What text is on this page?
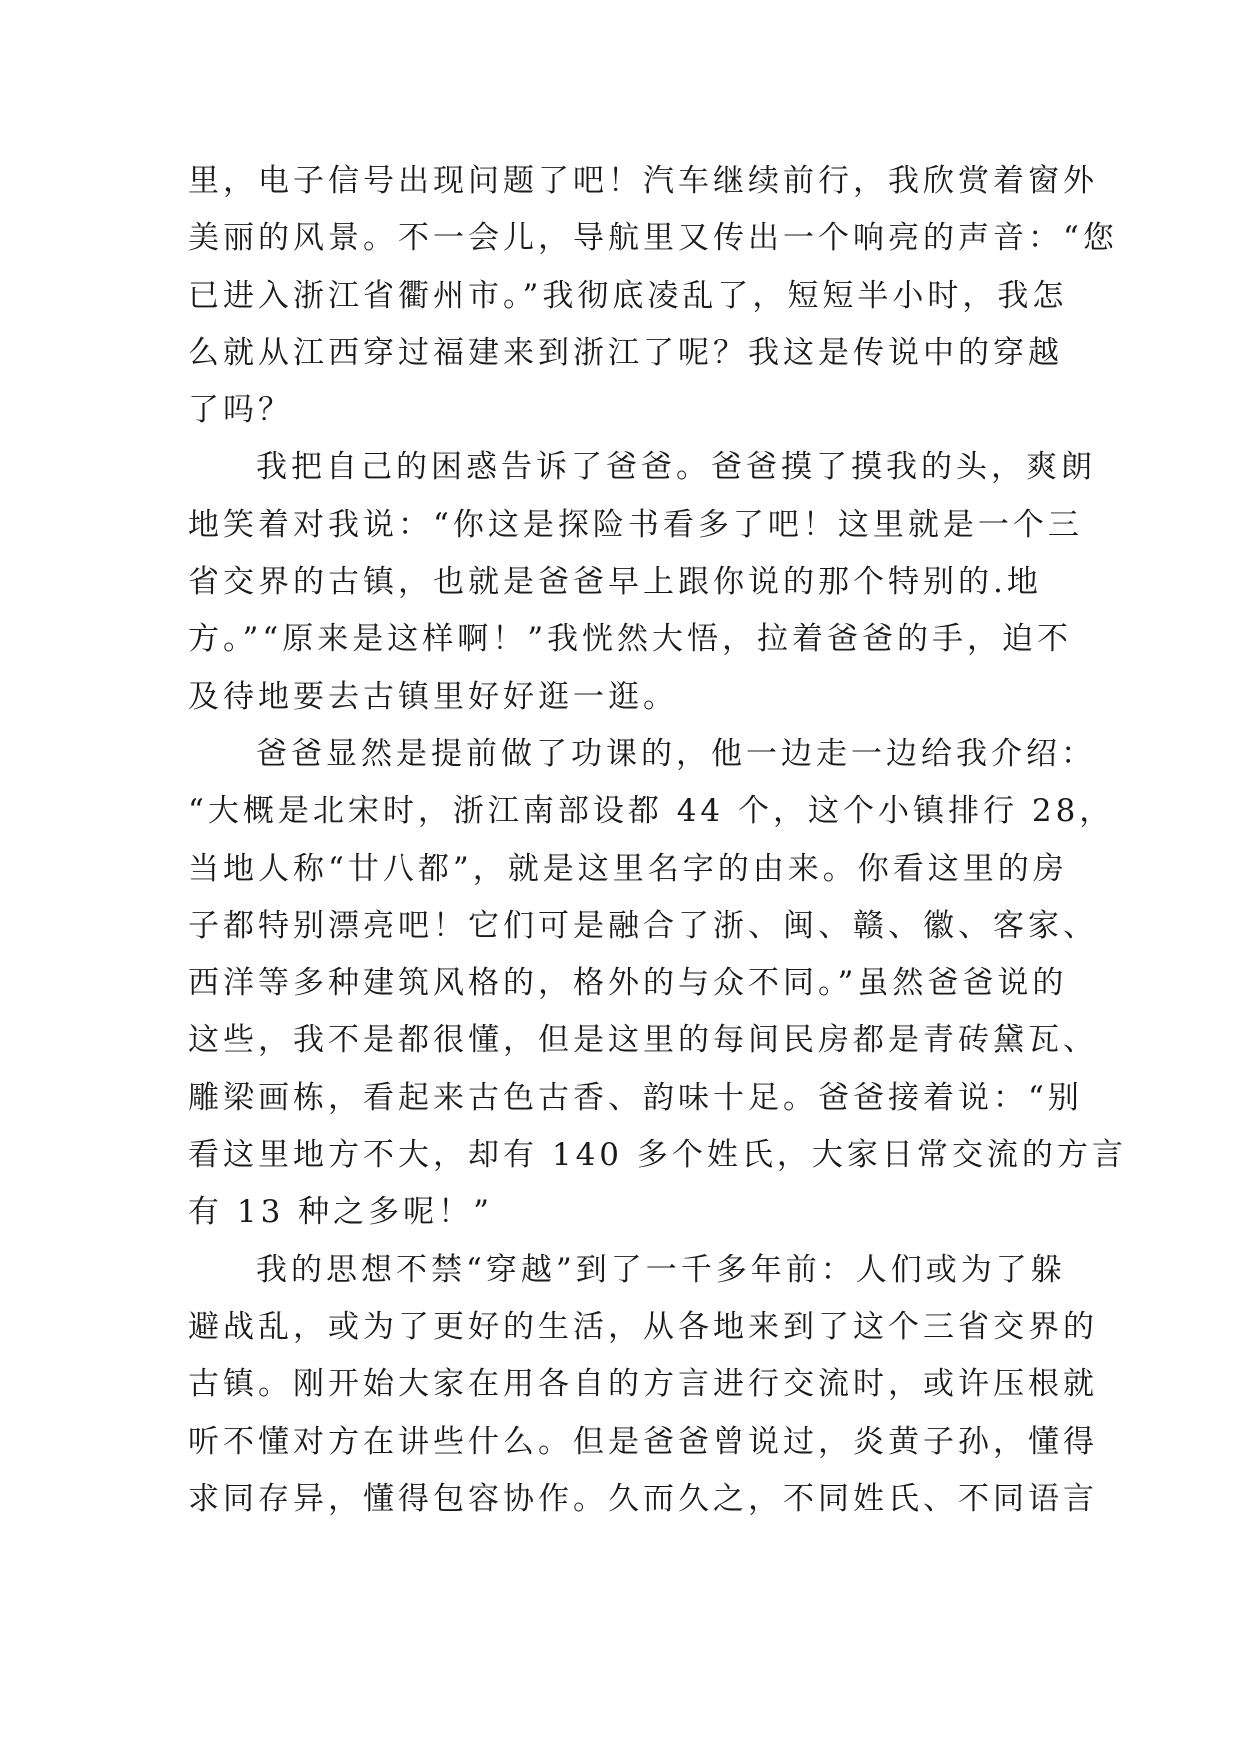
里，电子信号出现问题了吧！汽车继续前行，我欣赏着窗外
美丽的风景。不一会儿，导航里又传出一个响亮的声音：“您
已进入浙江省衢州市。”我彻底凌乱了，短短半小时，我怎
么就从江西穿过福建来到浙江了呢？我这是传说中的穿越
了吗？

我把自己的困惑告诉了爸爸。爸爸摸了摸我的头，爽朗
地笑着对我说：“你这是探险书看多了吧！这里就是一个三
省交界的古镇，也就是爸爸早上跟你说的那个特别的.地
方。”“原来是这样啊！”我恍然大悟，拉着爸爸的手，迫不
及待地要去古镇里好好逛一逛。

爸爸显然是提前做了功课的，他一边走一边给我介绍：
“大概是北宋时，浙江南部设都 44 个，这个小镇排行 28，
当地人称“廿八都”，就是这里名字的由来。你看这里的房
子都特别漂亮吧！它们可是融合了浙、闽、赣、徽、客家、
西洋等多种建筑风格的，格外的与众不同。”虽然爸爸说的
这些，我不是都很懂，但是这里的每间民房都是青砖黛瓦、
雕梁画栋，看起来古色古香、韵味十足。爸爸接着说：“别
看这里地方不大，却有 140 多个姓氏，大家日常交流的方言
有 13 种之多呢！”

我的思想不禁“穿越”到了一千多年前：人们或为了躲
避战乱，或为了更好的生活，从各地来到了这个三省交界的
古镇。刚开始大家在用各自的方言进行交流时，或许压根就
听不懂对方在讲些什么。但是爸爸曾说过，炎黄子孙，懂得
求同存异，懂得包容协作。久而久之，不同姓氏、不同语言
